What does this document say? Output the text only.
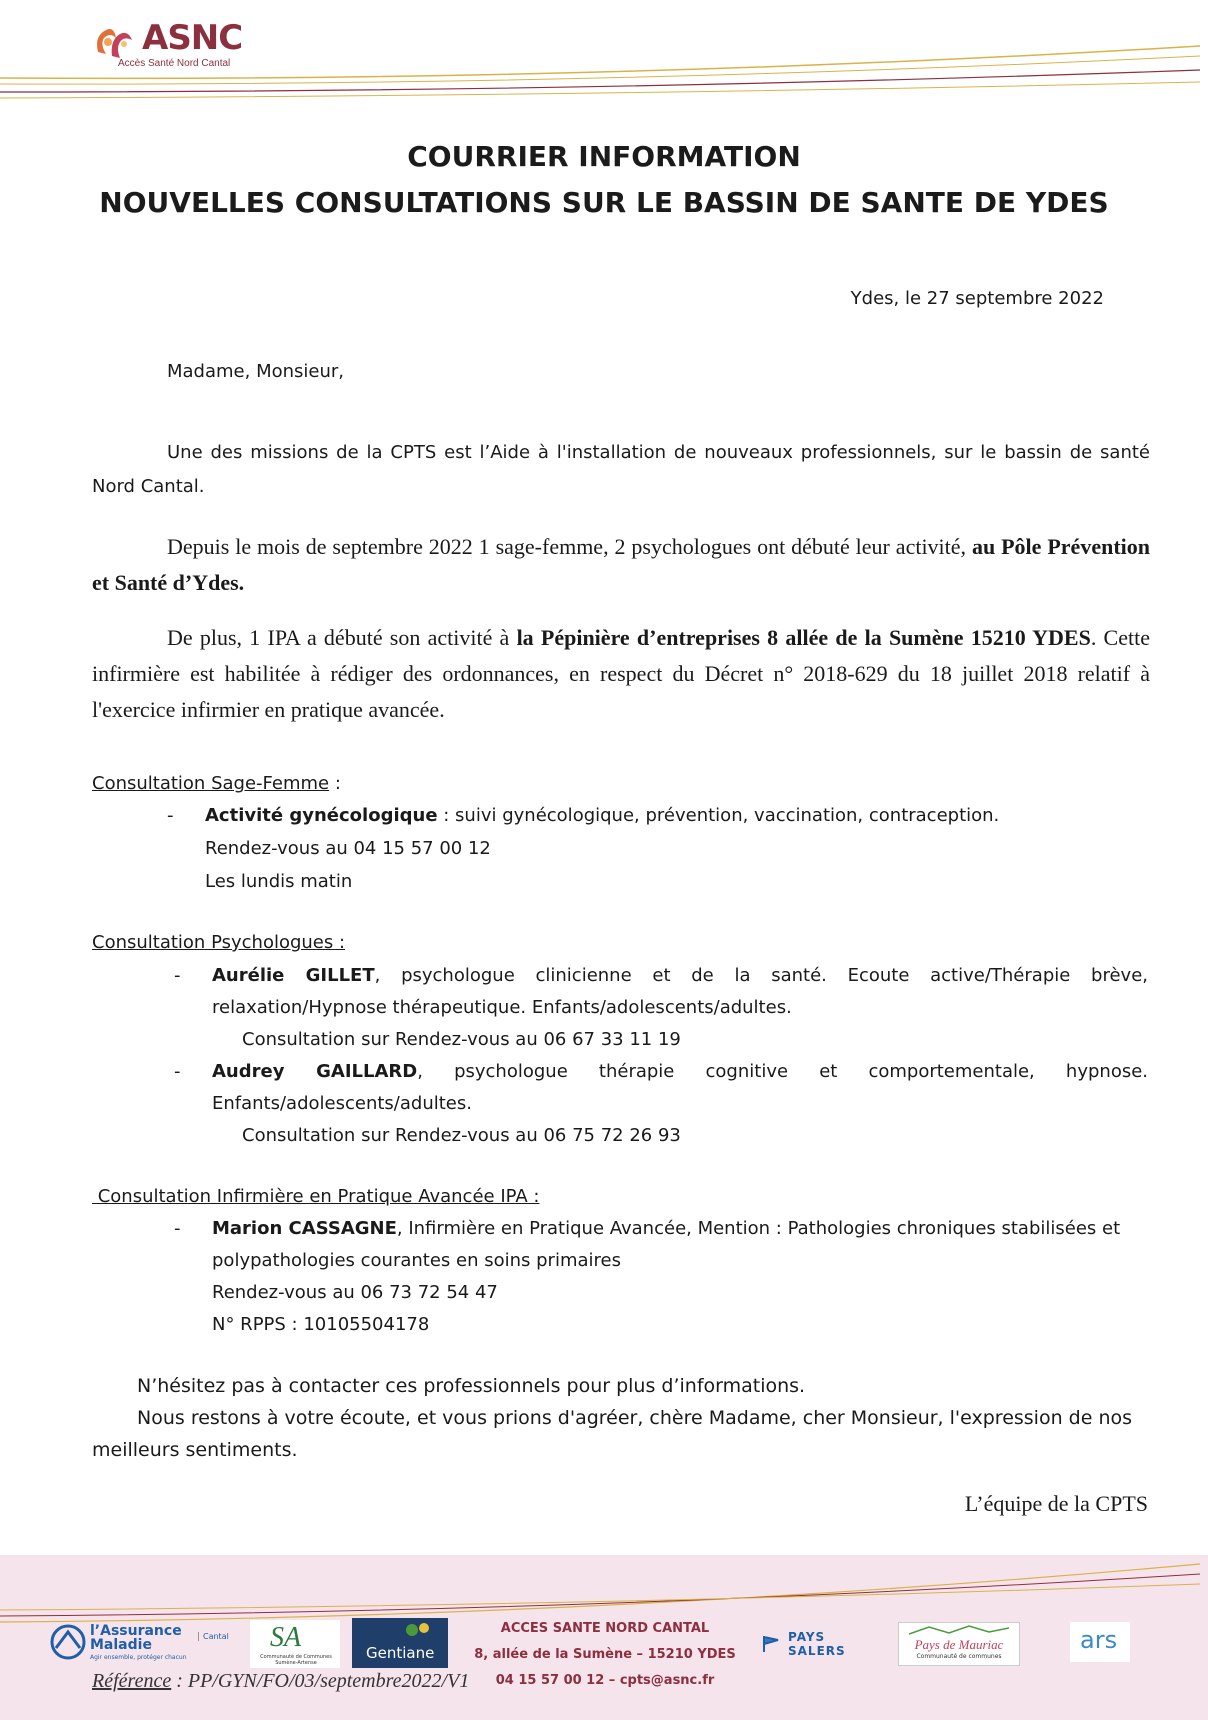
ASNC
Accès Santé Nord Cantal
COURRIER INFORMATION
NOUVELLES CONSULTATIONS SUR LE BASSIN DE SANTE DE YDES
Ydes, le 27 septembre 2022
Madame, Monsieur,
Une des missions de la CPTS est l’Aide à l'installation de nouveaux professionnels, sur le bassin de santé Nord Cantal.
Depuis le mois de septembre 2022 1 sage-femme, 2 psychologues ont débuté leur activité, au Pôle Prévention et Santé d’Ydes.
De plus, 1 IPA a débuté son activité à la Pépinière d’entreprises 8 allée de la Sumène 15210 YDES. Cette infirmière est habilitée à rédiger des ordonnances, en respect du Décret n° 2018-629 du 18 juillet 2018 relatif à l'exercice infirmier en pratique avancée.
Consultation Sage-Femme :
- Activité gynécologique : suivi gynécologique, prévention, vaccination, contraception.
Rendez-vous au 04 15 57 00 12
Les lundis matin
Consultation Psychologues :
- Aurélie GILLET, psychologue clinicienne et de la santé. Ecoute active/Thérapie brève, relaxation/Hypnose thérapeutique. Enfants/adolescents/adultes.
Consultation sur Rendez-vous au 06 67 33 11 19
- Audrey GAILLARD, psychologue thérapie cognitive et comportementale, hypnose. Enfants/adolescents/adultes.
Consultation sur Rendez-vous au 06 75 72 26 93
Consultation Infirmière en Pratique Avancée IPA :
- Marion CASSAGNE, Infirmière en Pratique Avancée, Mention : Pathologies chroniques stabilisées et polypathologies courantes en soins primaires
Rendez-vous au 06 73 72 54 47
N° RPPS : 10105504178
N’hésitez pas à contacter ces professionnels pour plus d’informations.
Nous restons à votre écoute, et vous prions d'agréer, chère Madame, cher Monsieur, l'expression de nos meilleurs sentiments.
L’équipe de la CPTS
l’Assurance
Maladie
Agir ensemble, protéger chacun
Cantal SA
Communauté de Communes Sumène-Artense
Gentiane
ACCES SANTE NORD CANTAL
8, allée de la Sumène – 15210 YDES
04 15 57 00 12 – cpts@asnc.fr
PAYS
SALERS	Pays de Mauriac
Communauté de communes
ars
Référence : PP/GYN/FO/03/septembre2022/V1
